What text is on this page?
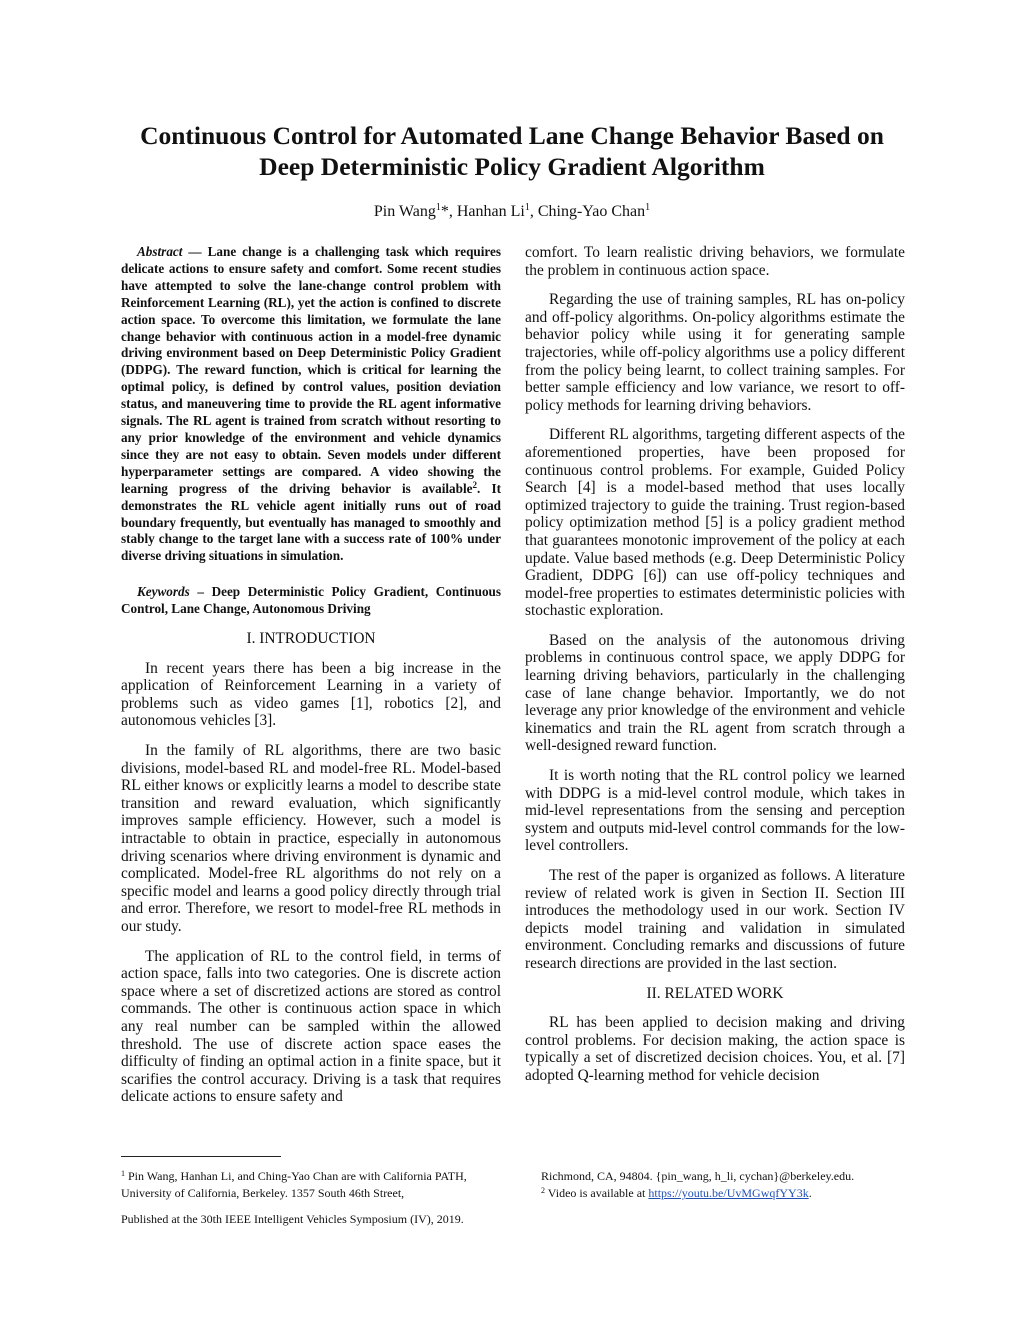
Continuous Control for Automated Lane Change Behavior Based on
Deep Deterministic Policy Gradient Algorithm
Pin Wang$^1$*, Hanhan Li$^1$, Ching-Yao Chan$^1$

Abstract — Lane change is a challenging task which requires delicate actions to ensure safety and comfort. Some recent studies have attempted to solve the lane-change control problem with Reinforcement Learning (RL), yet the action is confined to discrete action space. To overcome this limitation, we formulate the lane change behavior with continuous action in a model-free dynamic driving environment based on Deep Deterministic Policy Gradient (DDPG). The reward function, which is critical for learning the optimal policy, is defined by control values, position deviation status, and maneuvering time to provide the RL agent informative signals. The RL agent is trained from scratch without resorting to any prior knowledge of the environment and vehicle dynamics since they are not easy to obtain. Seven models under different hyperparameter settings are compared. A video showing the learning progress of the driving behavior is available$^2$. It demonstrates the RL vehicle agent initially runs out of road boundary frequently, but eventually has managed to smoothly and stably change to the target lane with a success rate of 100% under diverse driving situations in simulation.

Keywords – Deep Deterministic Policy Gradient, Continuous Control, Lane Change, Autonomous Driving

I. INTRODUCTION

In recent years there has been a big increase in the application of Reinforcement Learning in a variety of problems such as video games [1], robotics [2], and autonomous vehicles [3].

In the family of RL algorithms, there are two basic divisions, model-based RL and model-free RL. Model-based RL either knows or explicitly learns a model to describe state transition and reward evaluation, which significantly improves sample efficiency. However, such a model is intractable to obtain in practice, especially in autonomous driving scenarios where driving environment is dynamic and complicated. Model-free RL algorithms do not rely on a specific model and learns a good policy directly through trial and error. Therefore, we resort to model-free RL methods in our study.

The application of RL to the control field, in terms of action space, falls into two categories. One is discrete action space where a set of discretized actions are stored as control commands. The other is continuous action space in which any real number can be sampled within the allowed threshold. The use of discrete action space eases the difficulty of finding an optimal action in a finite space, but it scarifies the control accuracy. Driving is a task that requires delicate actions to ensure safety and

comfort. To learn realistic driving behaviors, we formulate the problem in continuous action space.

Regarding the use of training samples, RL has on-policy and off-policy algorithms. On-policy algorithms estimate the behavior policy while using it for generating sample trajectories, while off-policy algorithms use a policy different from the policy being learnt, to collect training samples. For better sample efficiency and low variance, we resort to off-policy methods for learning driving behaviors.

Different RL algorithms, targeting different aspects of the aforementioned properties, have been proposed for continuous control problems. For example, Guided Policy Search [4] is a model-based method that uses locally optimized trajectory to guide the training. Trust region-based policy optimization method [5] is a policy gradient method that guarantees monotonic improvement of the policy at each update. Value based methods (e.g. Deep Deterministic Policy Gradient, DDPG [6]) can use off-policy techniques and model-free properties to estimates deterministic policies with stochastic exploration.

Based on the analysis of the autonomous driving problems in continuous control space, we apply DDPG for learning driving behaviors, particularly in the challenging case of lane change behavior. Importantly, we do not leverage any prior knowledge of the environment and vehicle kinematics and train the RL agent from scratch through a well-designed reward function.

It is worth noting that the RL control policy we learned with DDPG is a mid-level control module, which takes in mid-level representations from the sensing and perception system and outputs mid-level control commands for the low-level controllers.

The rest of the paper is organized as follows. A literature review of related work is given in Section II. Section III introduces the methodology used in our work. Section IV depicts model training and validation in simulated environment. Concluding remarks and discussions of future research directions are provided in the last section.

II. RELATED WORK

RL has been applied to decision making and driving control problems. For decision making, the action space is typically a set of discretized decision choices. You, et al. [7] adopted Q-learning method for vehicle decision

$^1$ Pin Wang, Hanhan Li, and Ching-Yao Chan are with California PATH, University of California, Berkeley. 1357 South 46th Street,
Richmond, CA, 94804. {pin_wang, h_li, cychan}@berkeley.edu.
$^2$ Video is available at https://youtu.be/UvMGwqfYY3k.
Published at the 30th IEEE Intelligent Vehicles Symposium (IV), 2019.
